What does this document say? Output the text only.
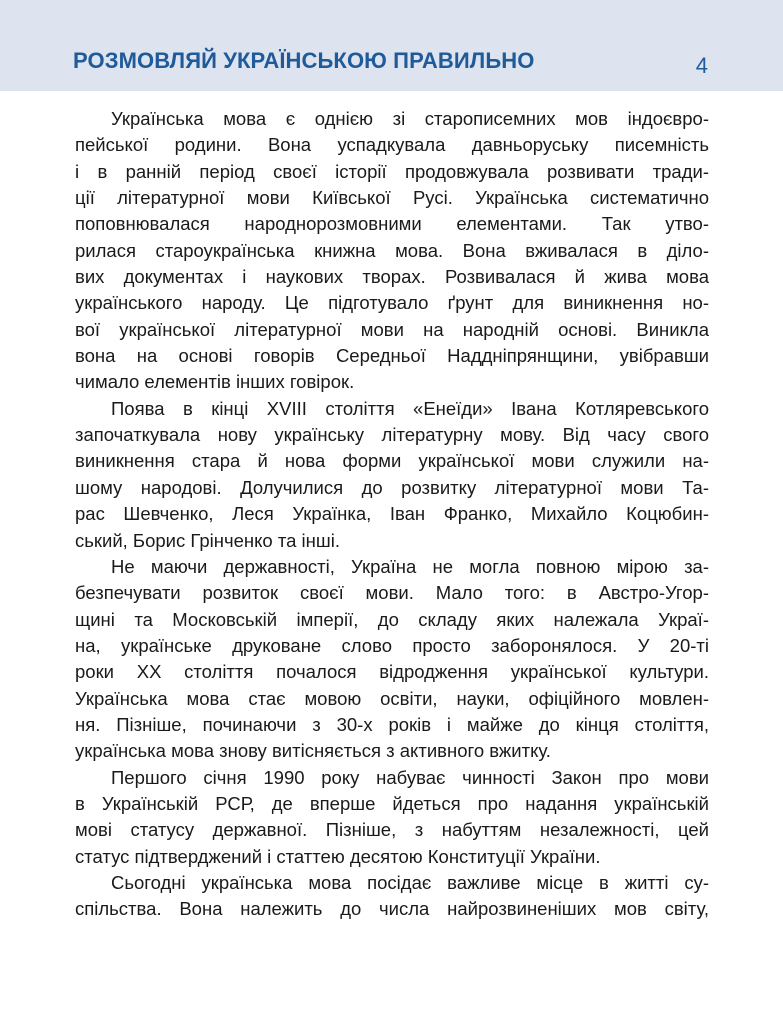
РОЗМОВЛЯЙ УКРАЇНСЬКОЮ ПРАВИЛЬНО	4
Українська мова є однією зі старописемних мов індоєвро-
пейської родини. Вона успадкувала давньоруську писемність
і в ранній період своєї історії продовжувала розвивати тради-
ції літературної мови Київської Русі. Українська систематично
поповнювалася народнорозмовними елементами. Так утво-
рилася староукраїнська книжна мова. Вона вживалася в діло-
вих документах і наукових творах. Розвивалася й жива мова
українського народу. Це підготувало ґрунт для виникнення но-
вої української літературної мови на народній основі. Виникла
вона на основі говорів Середньої Наддніпрянщини, увібравши
чимало елементів інших говірок.
Поява в кінці XVIII століття «Енеїди» Івана Котляревського
започаткувала нову українську літературну мову. Від часу свого
виникнення стара й нова форми української мови служили на-
шому народові. Долучилися до розвитку літературної мови Та-
рас Шевченко, Леся Українка, Іван Франко, Михайло Коцюбин-
ський, Борис Грінченко та інші.
Не маючи державності, Україна не могла повною мірою за-
безпечувати розвиток своєї мови. Мало того: в Австро-Угор-
щині та Московській імперії, до складу яких належала Украї-
на, українське друковане слово просто заборонялося. У 20-ті
роки XX століття почалося відродження української культури.
Українська мова стає мовою освіти, науки, офіційного мовлен-
ня. Пізніше, починаючи з 30-х років і майже до кінця століття,
українська мова знову витісняється з активного вжитку.
Першого січня 1990 року набуває чинності Закон про мови
в Українській РСР, де вперше йдеться про надання українській
мові статусу державної. Пізніше, з набуттям незалежності, цей
статус підтверджений і статтею десятою Конституції України.
Сьогодні українська мова посідає важливе місце в житті су-
спільства. Вона належить до числа найрозвиненіших мов світу,
